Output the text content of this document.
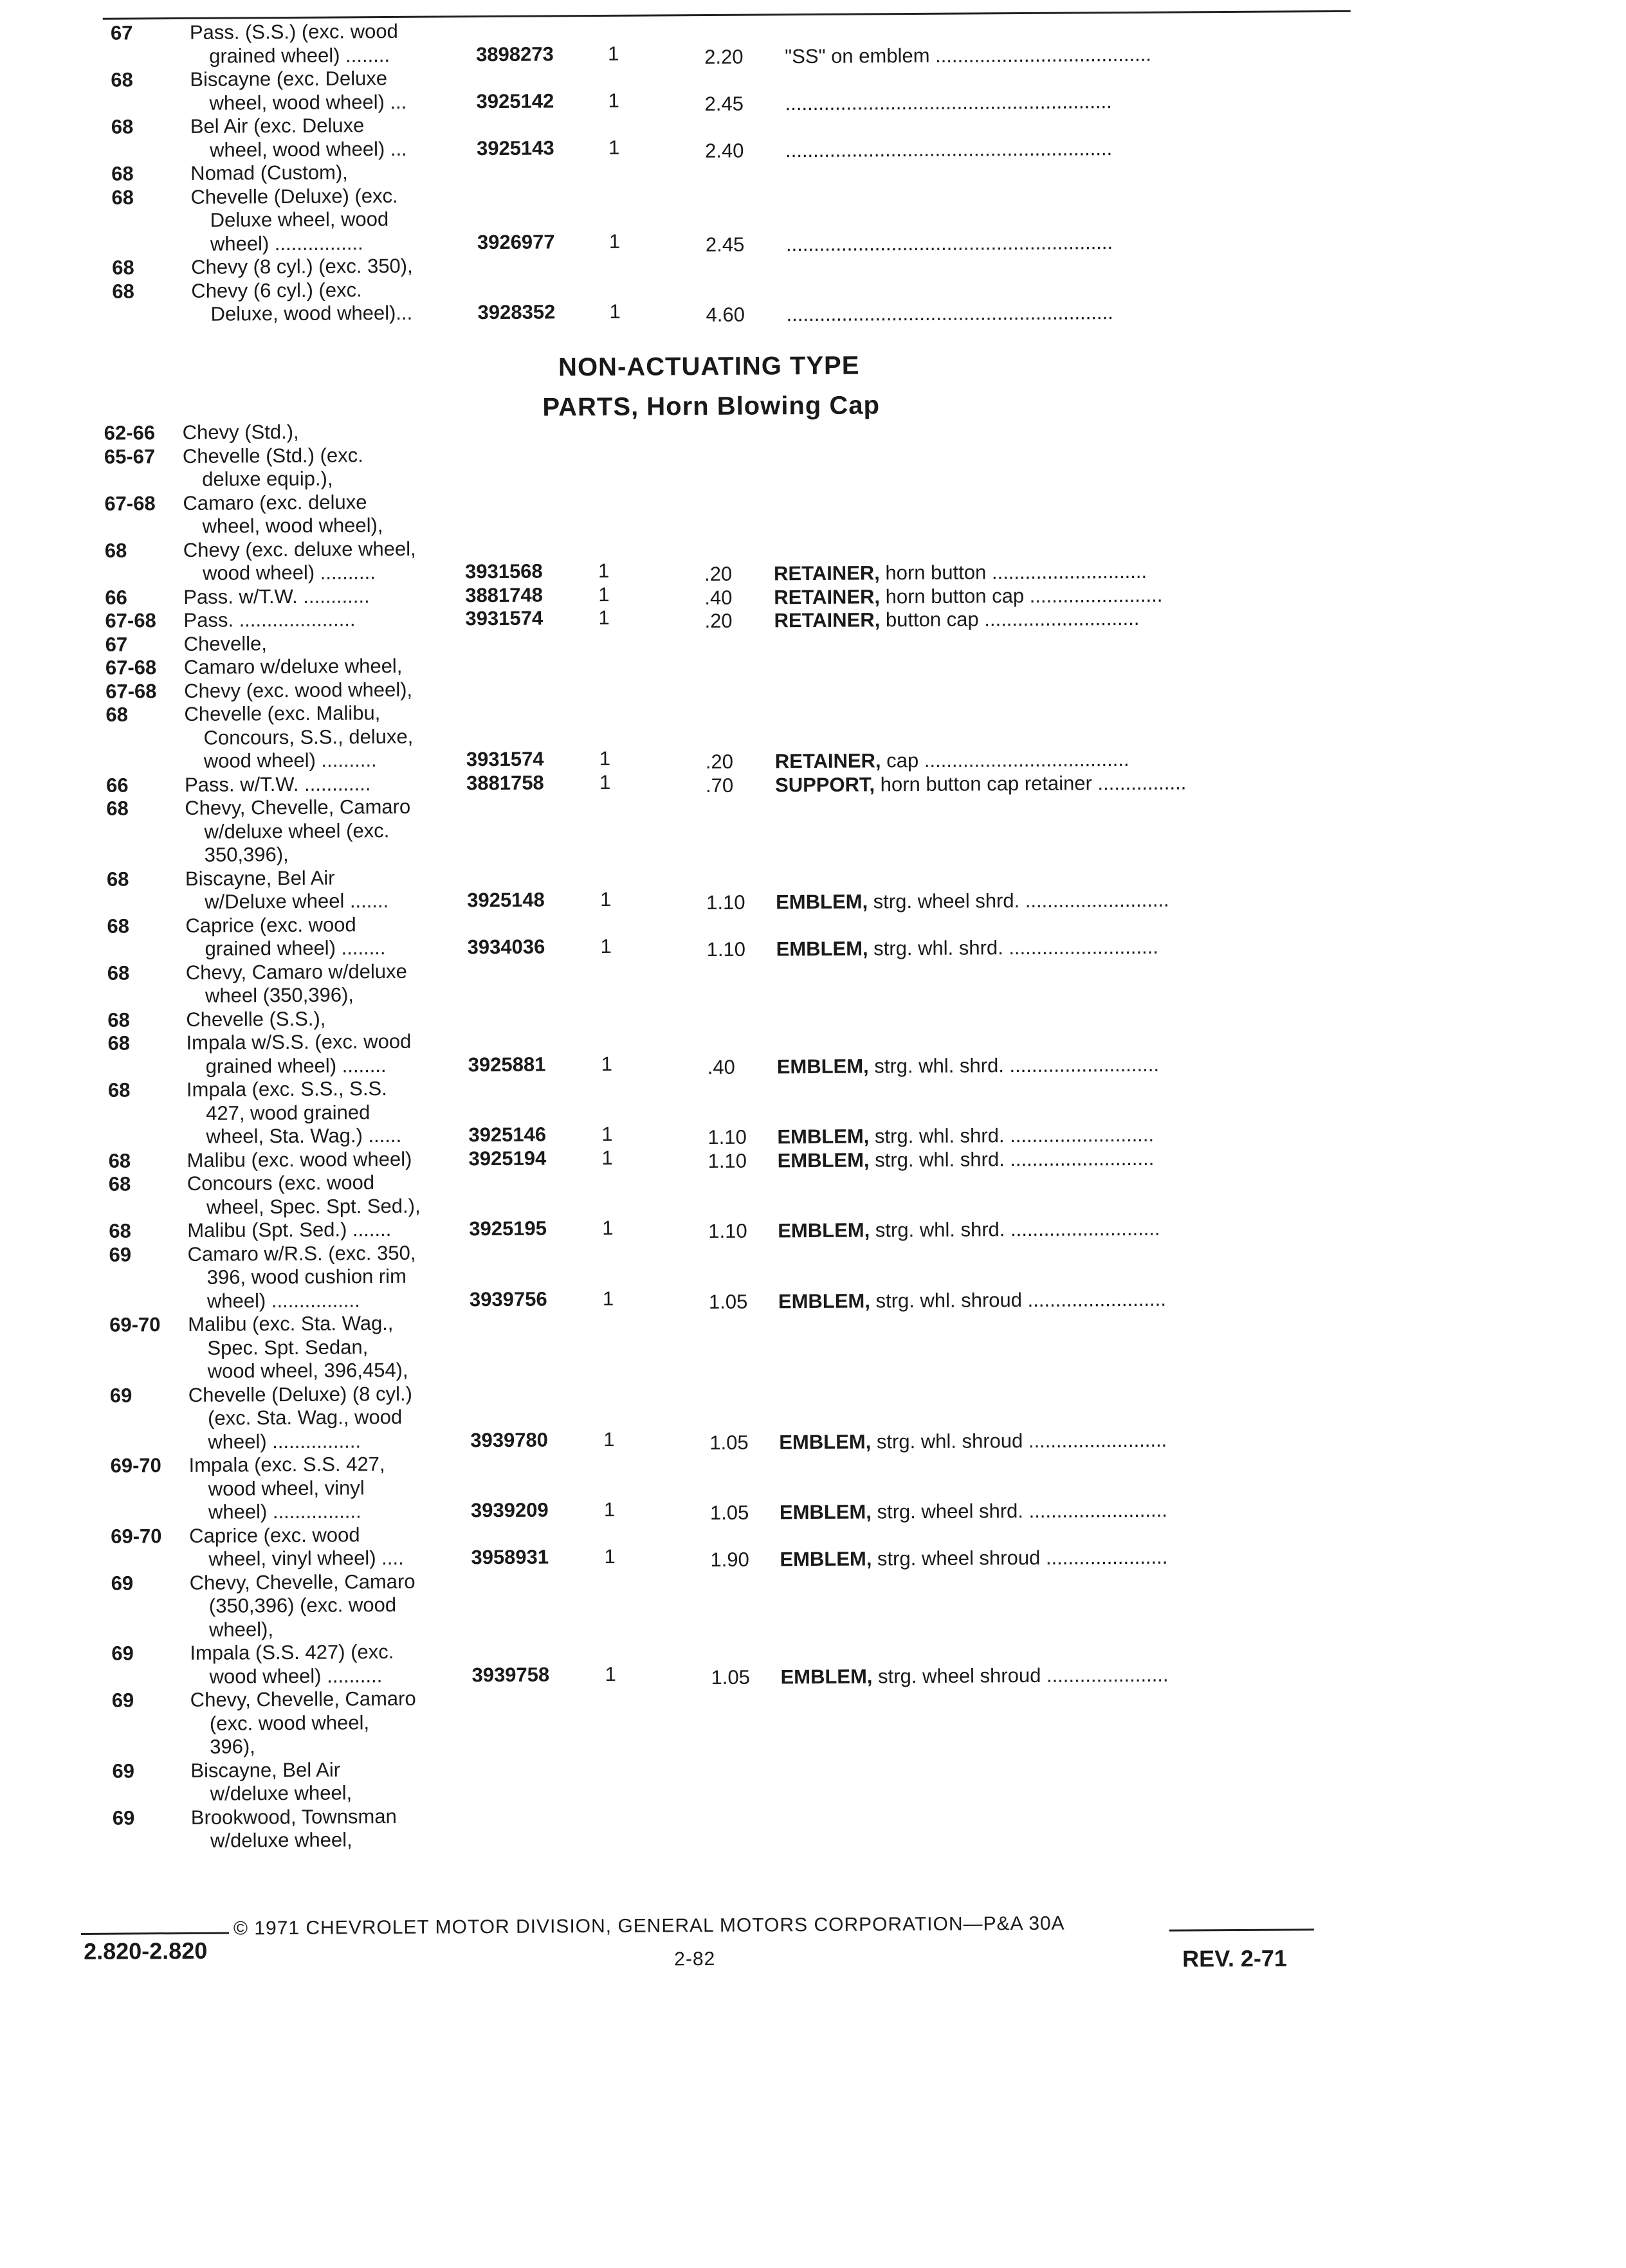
67	Pass. (S.S.) (exc. wood
grained wheel) ........	3898273	1	2.20 "SS" on emblem .......................................
68	Biscayne (exc. Deluxe
wheel, wood wheel) ...	3925142	1	2.45 ...........................................................
68	Bel Air (exc. Deluxe
wheel, wood wheel) ...	3925143	1	2.40 ...........................................................
68	Nomad (Custom),
68	Chevelle (Deluxe) (exc.
Deluxe wheel, wood
wheel) ................	3926977	1	2.45 ...........................................................
68	Chevy (8 cyl.) (exc. 350),
68	Chevy (6 cyl.) (exc.
Deluxe, wood wheel)...	3928352	1	4.60 ...........................................................
62-66 Chevy (Std.),
65-67 Chevelle (Std.) (exc.
deluxe equip.),
67-68 Camaro (exc. deluxe
wheel, wood wheel),
68	Chevy (exc. deluxe wheel,
wood wheel) ..........	3931568	1	.20 RETAINER, horn button ............................
66	Pass. w/T.W. ............	3881748	1	.40 RETAINER, horn button cap ........................
67-68 Pass. .....................	3931574	1	.20 RETAINER, button cap ............................
67	Chevelle,
67-68 Camaro w/deluxe wheel,
67-68 Chevy (exc. wood wheel),
68	Chevelle (exc. Malibu,
Concours, S.S., deluxe,
wood wheel) ..........	3931574	1	.20 RETAINER, cap .....................................
66	Pass. w/T.W. ............	3881758	1	.70 SUPPORT, horn button cap retainer ................
68	Chevy, Chevelle, Camaro
w/deluxe wheel (exc.
350,396),
68	Biscayne, Bel Air
w/Deluxe wheel .......	3925148	1	1.10 EMBLEM, strg. wheel shrd. ..........................
68	Caprice (exc. wood
grained wheel) ........	3934036	1	1.10 EMBLEM, strg. whl. shrd. ...........................
68	Chevy, Camaro w/deluxe
wheel (350,396),
68	Chevelle (S.S.),
68	Impala w/S.S. (exc. wood
grained wheel) ........	3925881	1	.40 EMBLEM, strg. whl. shrd. ...........................
68	Impala (exc. S.S., S.S.
427, wood grained
wheel, Sta. Wag.) ......	3925146	1	1.10 EMBLEM, strg. whl. shrd. ..........................
68	Malibu (exc. wood wheel)	3925194	1	1.10 EMBLEM, strg. whl. shrd. ..........................
68	Concours (exc. wood
wheel, Spec. Spt. Sed.),
68	Malibu (Spt. Sed.) .......	3925195	1	1.10 EMBLEM, strg. whl. shrd. ...........................
69	Camaro w/R.S. (exc. 350,
396, wood cushion rim
wheel) ................	3939756	1	1.05 EMBLEM, strg. whl. shroud .........................
69-70 Malibu (exc. Sta. Wag.,
Spec. Spt. Sedan,
wood wheel, 396,454),
69	Chevelle (Deluxe) (8 cyl.)
(exc. Sta. Wag., wood
wheel) ................	3939780	1	1.05 EMBLEM, strg. whl. shroud .........................
69-70 Impala (exc. S.S. 427,
wood wheel, vinyl
wheel) ................	3939209	1	1.05 EMBLEM, strg. wheel shrd. .........................
69-70 Caprice (exc. wood
wheel, vinyl wheel) ....	3958931	1	1.90 EMBLEM, strg. wheel shroud ......................
69	Chevy, Chevelle, Camaro
(350,396) (exc. wood
wheel),
69	Impala (S.S. 427) (exc.
wood wheel) ..........	3939758	1	1.05 EMBLEM, strg. wheel shroud ......................
69	Chevy, Chevelle, Camaro
(exc. wood wheel,
396),
69	Biscayne, Bel Air
w/deluxe wheel,
69	Brookwood, Townsman
w/deluxe wheel,
NON-ACTUATING TYPE
PARTS, Horn Blowing Cap
© 1971 CHEVROLET MOTOR DIVISION, GENERAL MOTORS CORPORATION—P&A 30A
2.820-2.820	2-82	REV. 2-71
